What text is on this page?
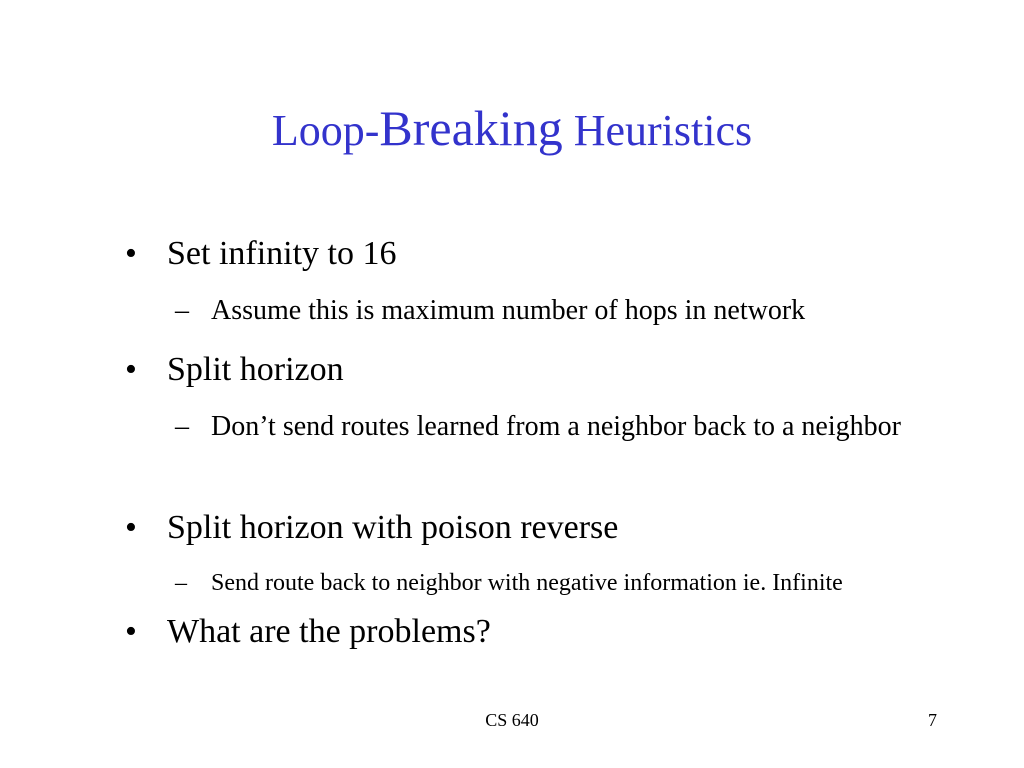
Loop-Breaking Heuristics
• Set infinity to 16
– Assume this is maximum number of hops in network
• Split horizon
– Don’t send routes learned from a neighbor back to a neighbor
• Split horizon with poison reverse
– Send route back to neighbor with negative information ie. Infinite
• What are the problems?
CS 640	7
